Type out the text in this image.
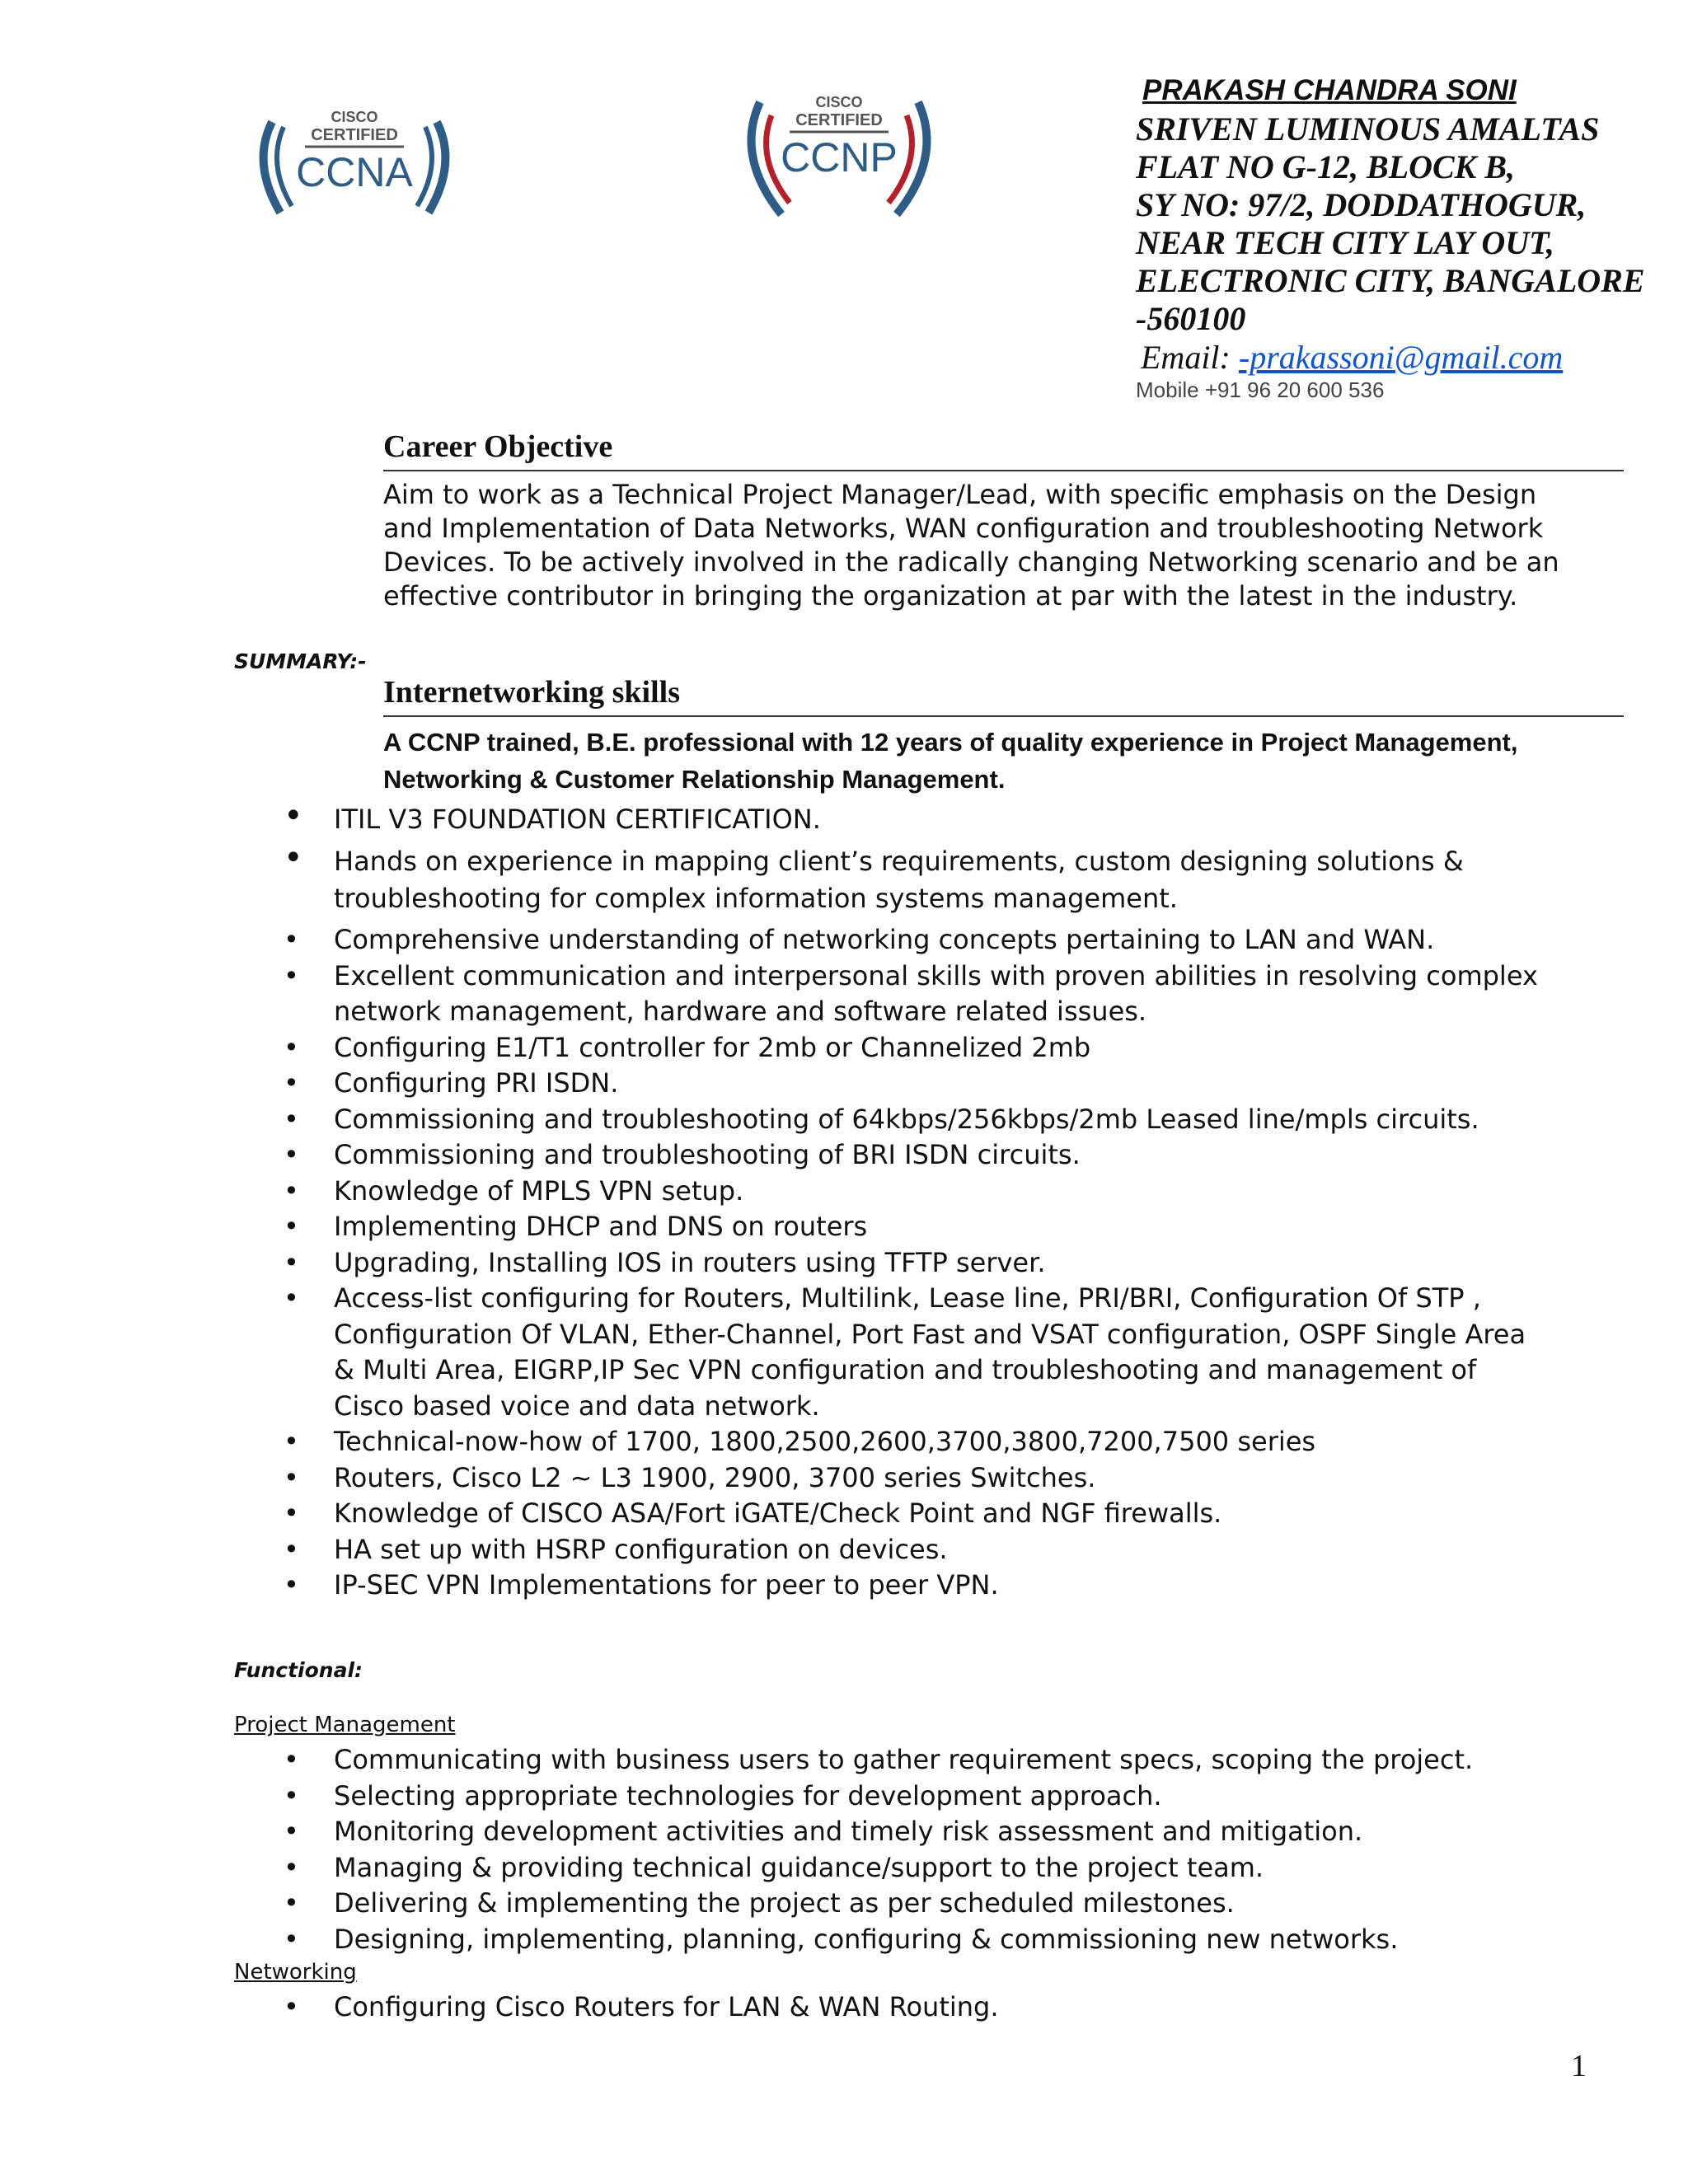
CISCO
CERTIFIED
CCNA
CISCO
CERTIFIED
CCNP
PRAKASH CHANDRA SONI
SRIVEN LUMINOUS AMALTAS
FLAT NO G-12, BLOCK B,
SY NO: 97/2, DODDATHOGUR,
NEAR TECH CITY LAY OUT,
ELECTRONIC CITY, BANGALORE
-560100
Email: -prakassoni@gmail.com
Mobile +91 96 20 600 536
Career Objective
Aim to work as a Technical Project Manager/Lead, with specific emphasis on the Design
and Implementation of Data Networks, WAN configuration and troubleshooting Network
Devices. To be actively involved in the radically changing Networking scenario and be an
effective contributor in bringing the organization at par with the latest in the industry.
SUMMARY:-
Internetworking skills
A CCNP trained, B.E. professional with 12 years of quality experience in Project Management,
Networking & Customer Relationship Management.
• ITIL V3 FOUNDATION CERTIFICATION.
• Hands on experience in mapping client’s requirements, custom designing solutions &
troubleshooting for complex information systems management.
• Comprehensive understanding of networking concepts pertaining to LAN and WAN.
• Excellent communication and interpersonal skills with proven abilities in resolving complex
network management, hardware and software related issues.
• Configuring E1/T1 controller for 2mb or Channelized 2mb
• Configuring PRI ISDN.
• Commissioning and troubleshooting of 64kbps/256kbps/2mb Leased line/mpls circuits.
• Commissioning and troubleshooting of BRI ISDN circuits.
• Knowledge of MPLS VPN setup.
• Implementing DHCP and DNS on routers
• Upgrading, Installing IOS in routers using TFTP server.
• Access-list configuring for Routers, Multilink, Lease line, PRI/BRI, Configuration Of STP ,
Configuration Of VLAN, Ether-Channel, Port Fast and VSAT configuration, OSPF Single Area
& Multi Area, EIGRP,IP Sec VPN configuration and troubleshooting and management of
Cisco based voice and data network.
• Technical-now-how of 1700, 1800,2500,2600,3700,3800,7200,7500 series
• Routers, Cisco L2 ~ L3 1900, 2900, 3700 series Switches.
• Knowledge of CISCO ASA/Fort iGATE/Check Point and NGF firewalls.
• HA set up with HSRP configuration on devices.
• IP-SEC VPN Implementations for peer to peer VPN.
Functional:
Project Management
• Communicating with business users to gather requirement specs, scoping the project.
• Selecting appropriate technologies for development approach.
• Monitoring development activities and timely risk assessment and mitigation.
• Managing & providing technical guidance/support to the project team.
• Delivering & implementing the project as per scheduled milestones.
• Designing, implementing, planning, configuring & commissioning new networks.
Networking
• Configuring Cisco Routers for LAN & WAN Routing.
1
